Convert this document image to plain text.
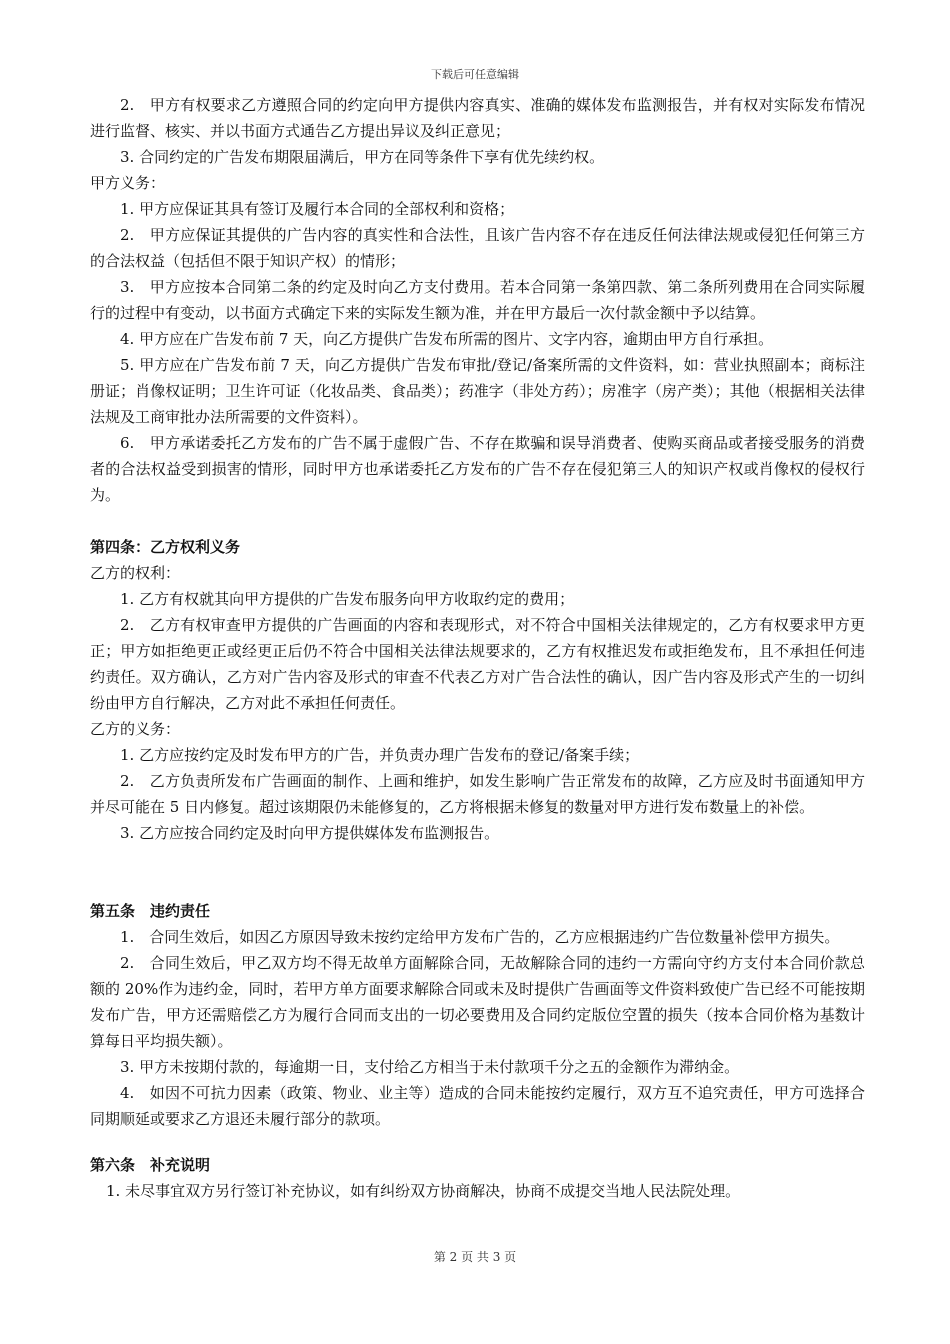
下载后可任意编辑

2.　甲方有权要求乙方遵照合同的约定向甲方提供内容真实、准确的媒体发布监测报告，并有权对实际发布情况进行监督、核实、并以书面方式通告乙方提出异议及纠正意见；

3. 合同约定的广告发布期限届满后，甲方在同等条件下享有优先续约权。

甲方义务：

1. 甲方应保证其具有签订及履行本合同的全部权利和资格；

2.　甲方应保证其提供的广告内容的真实性和合法性，且该广告内容不存在违反任何法律法规或侵犯任何第三方的合法权益（包括但不限于知识产权）的情形；

3.　甲方应按本合同第二条的约定及时向乙方支付费用。若本合同第一条第四款、第二条所列费用在合同实际履行的过程中有变动，以书面方式确定下来的实际发生额为准，并在甲方最后一次付款金额中予以结算。

4. 甲方应在广告发布前 7 天，向乙方提供广告发布所需的图片、文字内容，逾期由甲方自行承担。

5. 甲方应在广告发布前 7 天，向乙方提供广告发布审批/登记/备案所需的文件资料，如：营业执照副本；商标注册证；肖像权证明；卫生许可证（化妆品类、食品类）；药准字（非处方药）；房准字（房产类）；其他（根据相关法律法规及工商审批办法所需要的文件资料）。

6.　甲方承诺委托乙方发布的广告不属于虚假广告、不存在欺骗和误导消费者、使购买商品或者接受服务的消费者的合法权益受到损害的情形，同时甲方也承诺委托乙方发布的广告不存在侵犯第三人的知识产权或肖像权的侵权行为。

第四条：乙方权利义务

乙方的权利：

1. 乙方有权就其向甲方提供的广告发布服务向甲方收取约定的费用；

2.　乙方有权审查甲方提供的广告画面的内容和表现形式，对不符合中国相关法律规定的，乙方有权要求甲方更正；甲方如拒绝更正或经更正后仍不符合中国相关法律法规要求的，乙方有权推迟发布或拒绝发布，且不承担任何违约责任。双方确认，乙方对广告内容及形式的审查不代表乙方对广告合法性的确认，因广告内容及形式产生的一切纠纷由甲方自行解决，乙方对此不承担任何责任。

乙方的义务：

1. 乙方应按约定及时发布甲方的广告，并负责办理广告发布的登记/备案手续；

2.　乙方负责所发布广告画面的制作、上画和维护，如发生影响广告正常发布的故障，乙方应及时书面通知甲方并尽可能在 5 日内修复。超过该期限仍未能修复的，乙方将根据未修复的数量对甲方进行发布数量上的补偿。

3. 乙方应按合同约定及时向甲方提供媒体发布监测报告。

第五条　违约责任

1.　合同生效后，如因乙方原因导致未按约定给甲方发布广告的，乙方应根据违约广告位数量补偿甲方损失。

2.　合同生效后，甲乙双方均不得无故单方面解除合同，无故解除合同的违约一方需向守约方支付本合同价款总额的 20%作为违约金，同时，若甲方单方面要求解除合同或未及时提供广告画面等文件资料致使广告已经不可能按期发布广告，甲方还需赔偿乙方为履行合同而支出的一切必要费用及合同约定版位空置的损失（按本合同价格为基数计算每日平均损失额）。

3. 甲方未按期付款的，每逾期一日，支付给乙方相当于未付款项千分之五的金额作为滞纳金。

4.　如因不可抗力因素（政策、物业、业主等）造成的合同未能按约定履行，双方互不追究责任，甲方可选择合同期顺延或要求乙方退还未履行部分的款项。

第六条　补充说明

1. 未尽事宜双方另行签订补充协议，如有纠纷双方协商解决，协商不成提交当地人民法院处理。

第 2 页 共 3 页
